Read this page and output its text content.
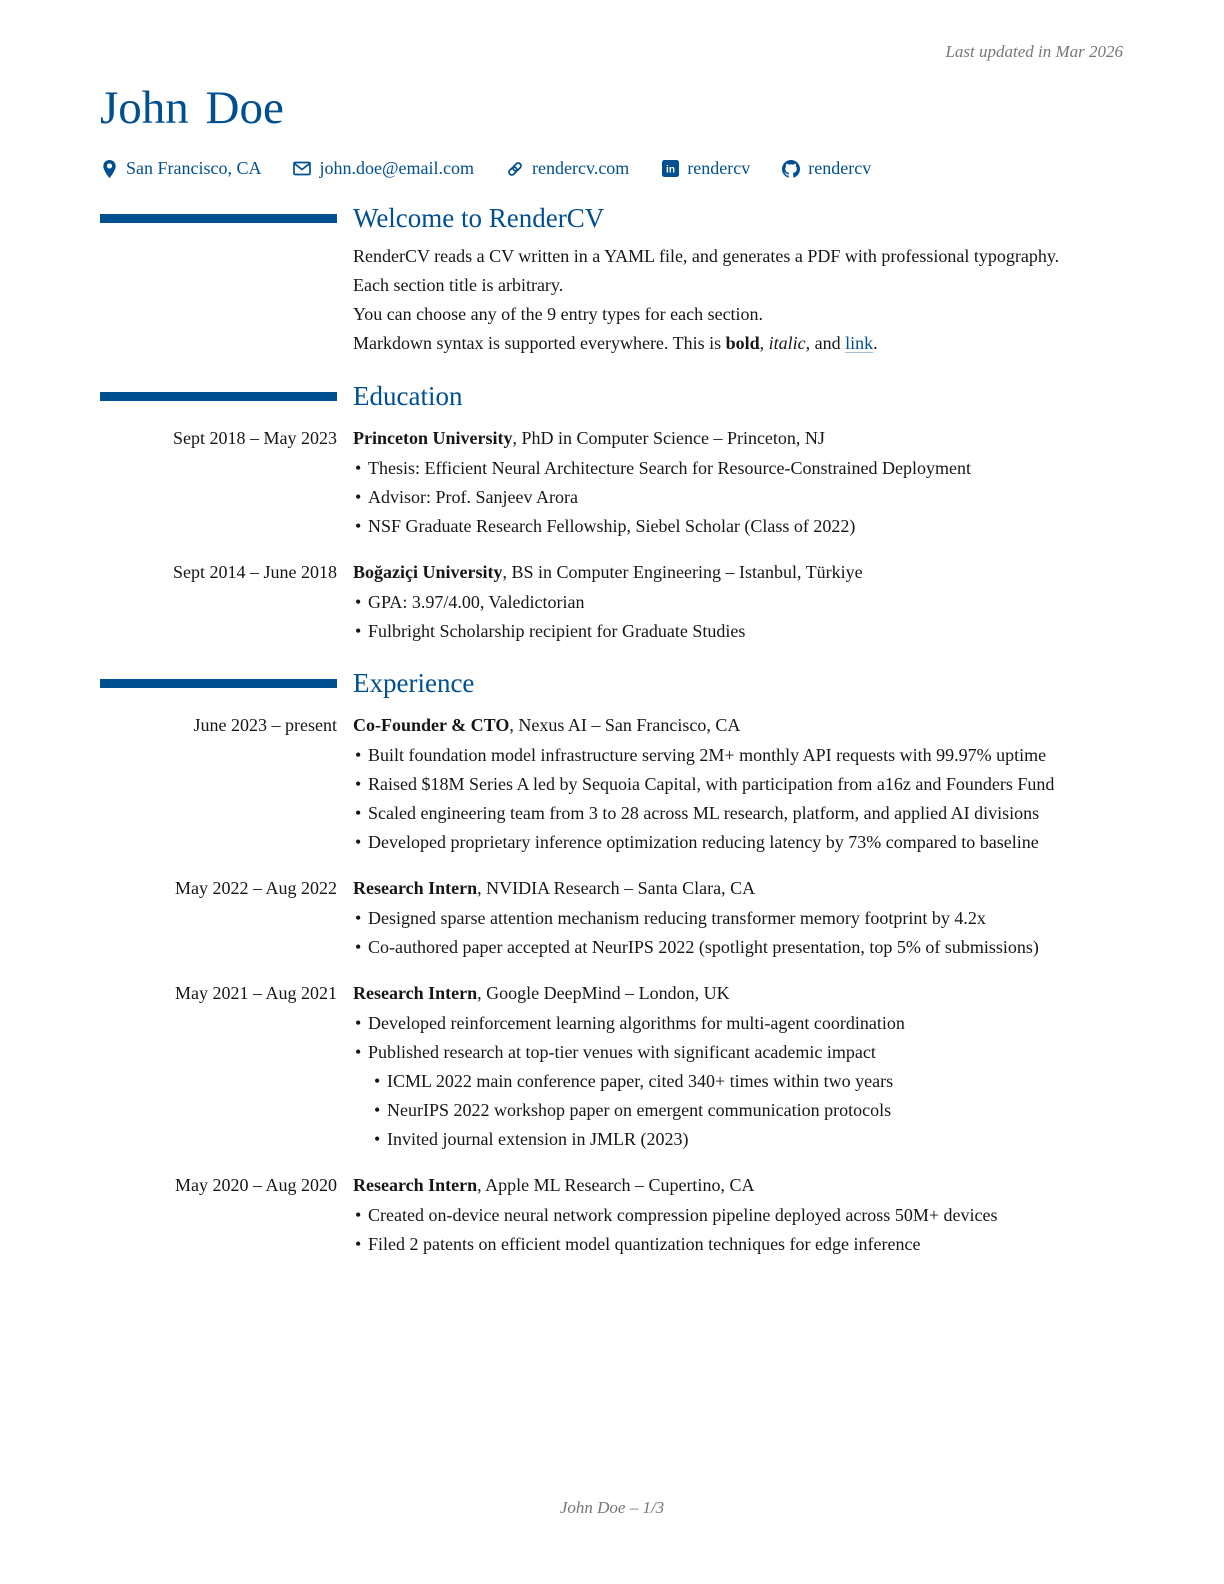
Last updated in Mar 2026
John Doe
San Francisco, CA	john.doe@email.com	rendercv.com	in rendercv	rendercv
Welcome to RenderCV

RenderCV reads a CV written in a YAML file, and generates a PDF with professional typography.

Each section title is arbitrary.

You can choose any of the 9 entry types for each section.

Markdown syntax is supported everywhere. This is bold, italic, and link.

Education
Sept 2018 – May 2023 Princeton University, PhD in Computer Science – Princeton, NJ
• Thesis: Efficient Neural Architecture Search for Resource-Constrained Deployment
• Advisor: Prof. Sanjeev Arora
• NSF Graduate Research Fellowship, Siebel Scholar (Class of 2022)
Sept 2014 – June 2018 Boğaziçi University, BS in Computer Engineering – Istanbul, Türkiye
• GPA: 3.97/4.00, Valedictorian
• Fulbright Scholarship recipient for Graduate Studies
Experience
June 2023 – present Co-Founder & CTO, Nexus AI – San Francisco, CA
• Built foundation model infrastructure serving 2M+ monthly API requests with 99.97% uptime
• Raised $18M Series A led by Sequoia Capital, with participation from a16z and Founders Fund
• Scaled engineering team from 3 to 28 across ML research, platform, and applied AI divisions
• Developed proprietary inference optimization reducing latency by 73% compared to baseline
May 2022 – Aug 2022 Research Intern, NVIDIA Research – Santa Clara, CA
• Designed sparse attention mechanism reducing transformer memory footprint by 4.2x
• Co-authored paper accepted at NeurIPS 2022 (spotlight presentation, top 5% of submissions)
May 2021 – Aug 2021 Research Intern, Google DeepMind – London, UK
• Developed reinforcement learning algorithms for multi-agent coordination
• Published research at top-tier venues with significant academic impact
• ICML 2022 main conference paper, cited 340+ times within two years
• NeurIPS 2022 workshop paper on emergent communication protocols
• Invited journal extension in JMLR (2023)
May 2020 – Aug 2020 Research Intern, Apple ML Research – Cupertino, CA
• Created on-device neural network compression pipeline deployed across 50M+ devices
• Filed 2 patents on efficient model quantization techniques for edge inference
John Doe – 1/3
